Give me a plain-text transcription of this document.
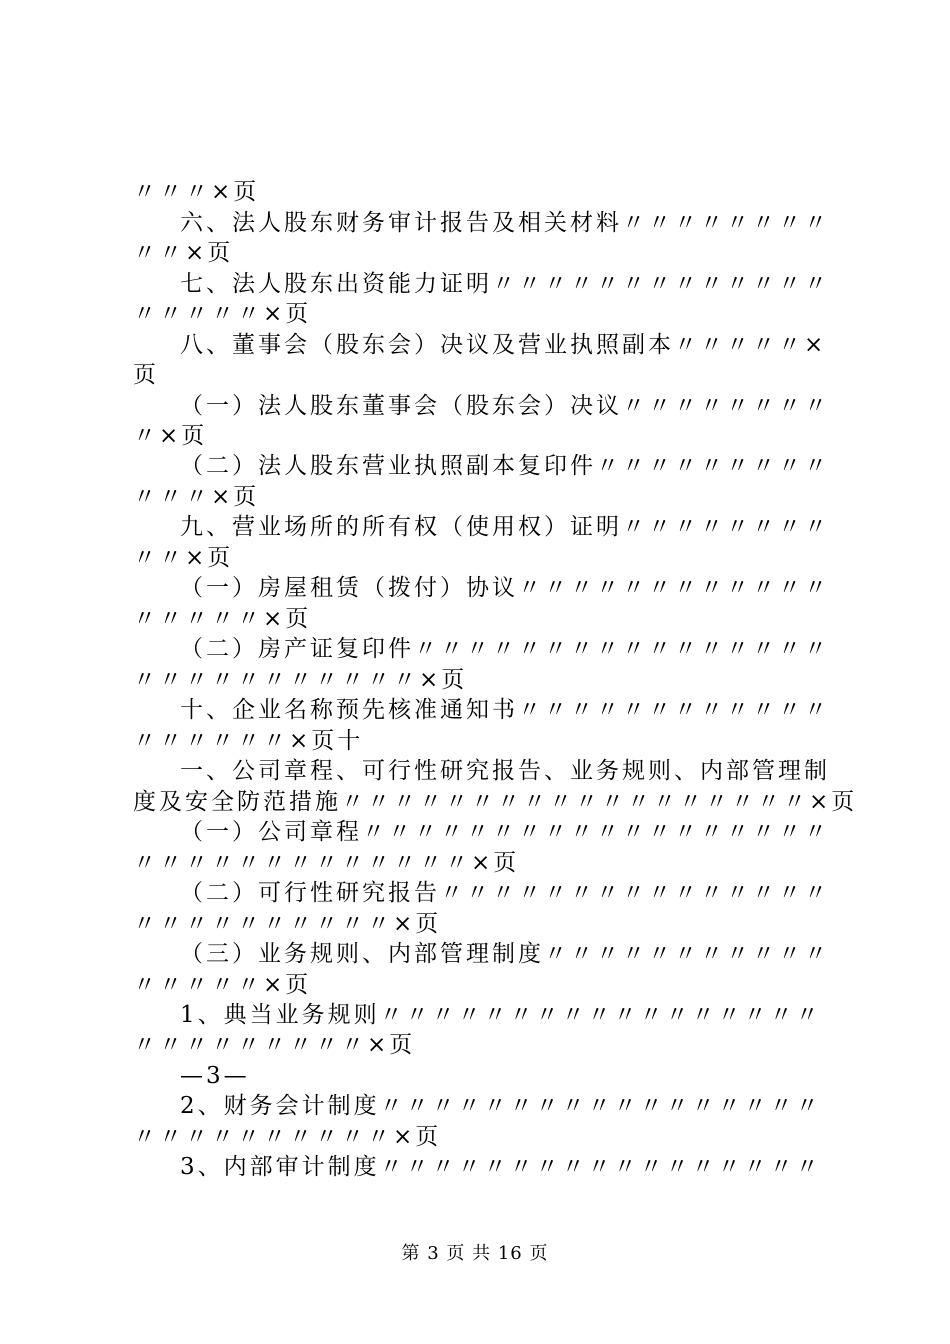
〃〃〃×页
六、法人股东财务审计报告及相关材料〃〃〃〃〃〃〃〃
〃〃×页
七、法人股东出资能力证明〃〃〃〃〃〃〃〃〃〃〃〃〃
〃〃〃〃〃×页
八、董事会（股东会）决议及营业执照副本〃〃〃〃〃×
页
（一）法人股东董事会（股东会）决议〃〃〃〃〃〃〃〃
〃×页
（二）法人股东营业执照副本复印件〃〃〃〃〃〃〃〃〃
〃〃〃×页
九、营业场所的所有权（使用权）证明〃〃〃〃〃〃〃〃
〃〃×页
（一）房屋租赁（拨付）协议〃〃〃〃〃〃〃〃〃〃〃〃
〃〃〃〃〃×页
（二）房产证复印件〃〃〃〃〃〃〃〃〃〃〃〃〃〃〃〃
〃〃〃〃〃〃〃〃〃〃〃×页
十、企业名称预先核准通知书〃〃〃〃〃〃〃〃〃〃〃〃
〃〃〃〃〃〃×页十
一、公司章程、可行性研究报告、业务规则、内部管理制
度及安全防范措施〃〃〃〃〃〃〃〃〃〃〃〃〃〃〃〃〃〃×页
（一）公司章程〃〃〃〃〃〃〃〃〃〃〃〃〃〃〃〃〃〃
〃〃〃〃〃〃〃〃〃〃〃〃〃×页
（二）可行性研究报告〃〃〃〃〃〃〃〃〃〃〃〃〃〃〃
〃〃〃〃〃〃〃〃〃〃×页
（三）业务规则、内部管理制度〃〃〃〃〃〃〃〃〃〃〃
〃〃〃〃〃×页
1、典当业务规则〃〃〃〃〃〃〃〃〃〃〃〃〃〃〃〃〃
〃〃〃〃〃〃〃〃〃×页
—3—
2、财务会计制度〃〃〃〃〃〃〃〃〃〃〃〃〃〃〃〃〃
〃〃〃〃〃〃〃〃〃〃×页
3、内部审计制度〃〃〃〃〃〃〃〃〃〃〃〃〃〃〃〃〃
第 3 页 共 16 页
